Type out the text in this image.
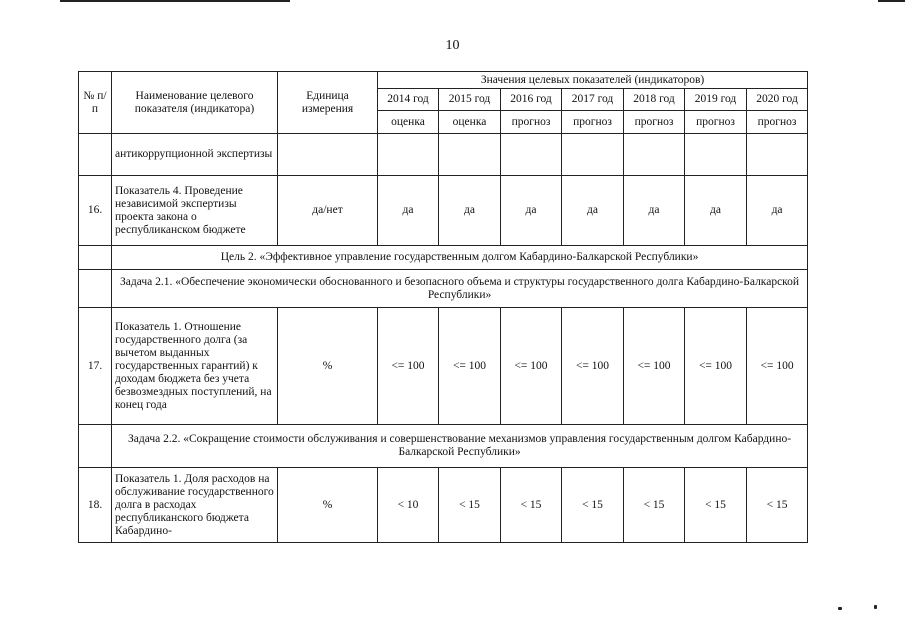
10
№ п/п	Наименование целевого показателя (индикатора)	Единица измерения	Значения целевых показателей (индикаторов)						
			2014 год	2015 год	2016 год	2017 год	2018 год	2019 год	2020 год
			оценка	оценка	прогноз	прогноз	прогноз	прогноз	прогноз
	антикоррупционной экспертизы								
16.	Показатель 4. Проведение независимой экспертизы проекта закона о республиканском бюджете	да/нет	да	да	да	да	да	да	да
	Цель 2. «Эффективное управление государственным долгом Кабардино-Балкарской Республики»								
	Задача 2.1. «Обеспечение экономически обоснованного и безопасного объема и структуры государственного долга Кабардино-Балкарской Республики»								
17.	Показатель 1. Отношение государственного долга (за вычетом выданных государственных гарантий) к доходам бюджета без учета безвозмездных поступлений, на конец года	%	<= 100	<= 100	<= 100	<= 100	<= 100	<= 100	<= 100
	Задача 2.2. «Сокращение стоимости обслуживания и совершенствование механизмов управления государственным долгом Кабардино-Балкарской Республики»								
18.	Показатель 1. Доля расходов на обслуживание государственного долга в расходах республиканского бюджета Кабардино-	%	< 10	< 15	< 15	< 15	< 15	< 15	< 15
